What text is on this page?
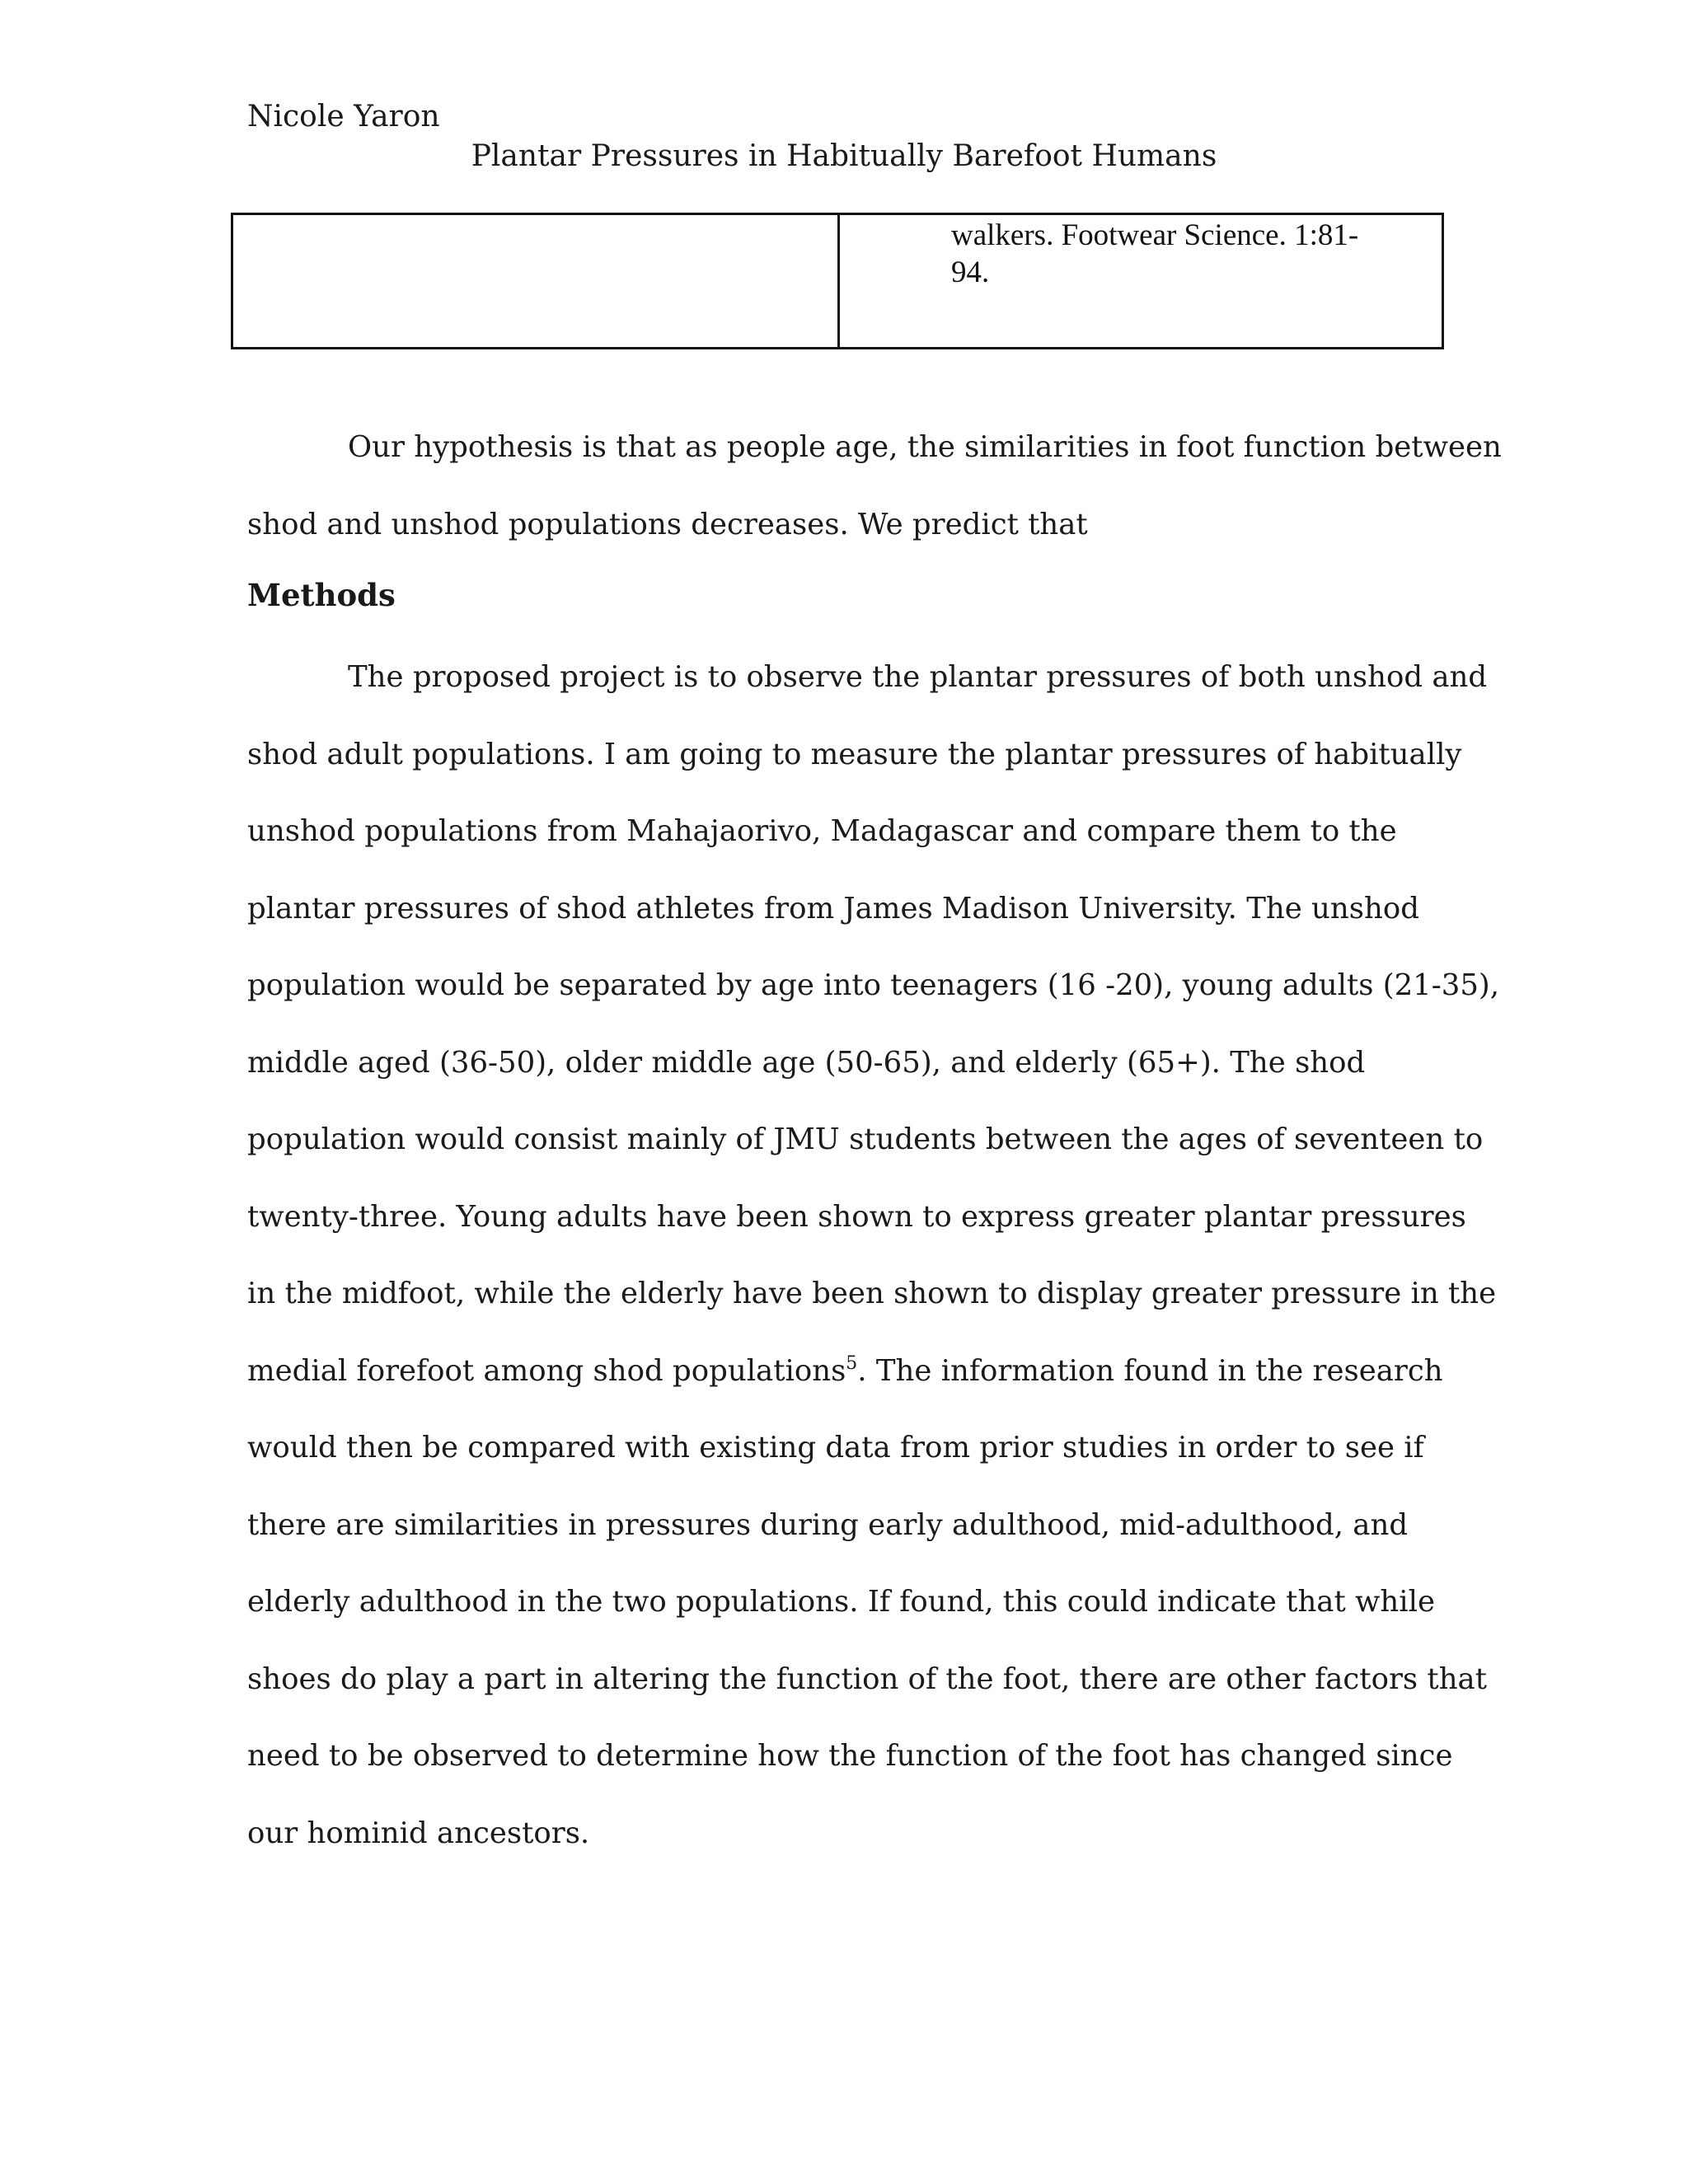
Nicole Yaron
Plantar Pressures in Habitually Barefoot Humans
walkers. Footwear Science. 1:81-
94.
Our hypothesis is that as people age, the similarities in foot function between
shod and unshod populations decreases. We predict that
Methods
The proposed project is to observe the plantar pressures of both unshod and
shod adult populations. I am going to measure the plantar pressures of habitually
unshod populations from Mahajaorivo, Madagascar and compare them to the
plantar pressures of shod athletes from James Madison University. The unshod
population would be separated by age into teenagers (16 -20), young adults (21-35),
middle aged (36-50), older middle age (50-65), and elderly (65+). The shod
population would consist mainly of JMU students between the ages of seventeen to
twenty-three. Young adults have been shown to express greater plantar pressures
in the midfoot, while the elderly have been shown to display greater pressure in the
medial forefoot among shod populations$^5$. The information found in the research
would then be compared with existing data from prior studies in order to see if
there are similarities in pressures during early adulthood, mid-adulthood, and
elderly adulthood in the two populations. If found, this could indicate that while
shoes do play a part in altering the function of the foot, there are other factors that
need to be observed to determine how the function of the foot has changed since
our hominid ancestors.
